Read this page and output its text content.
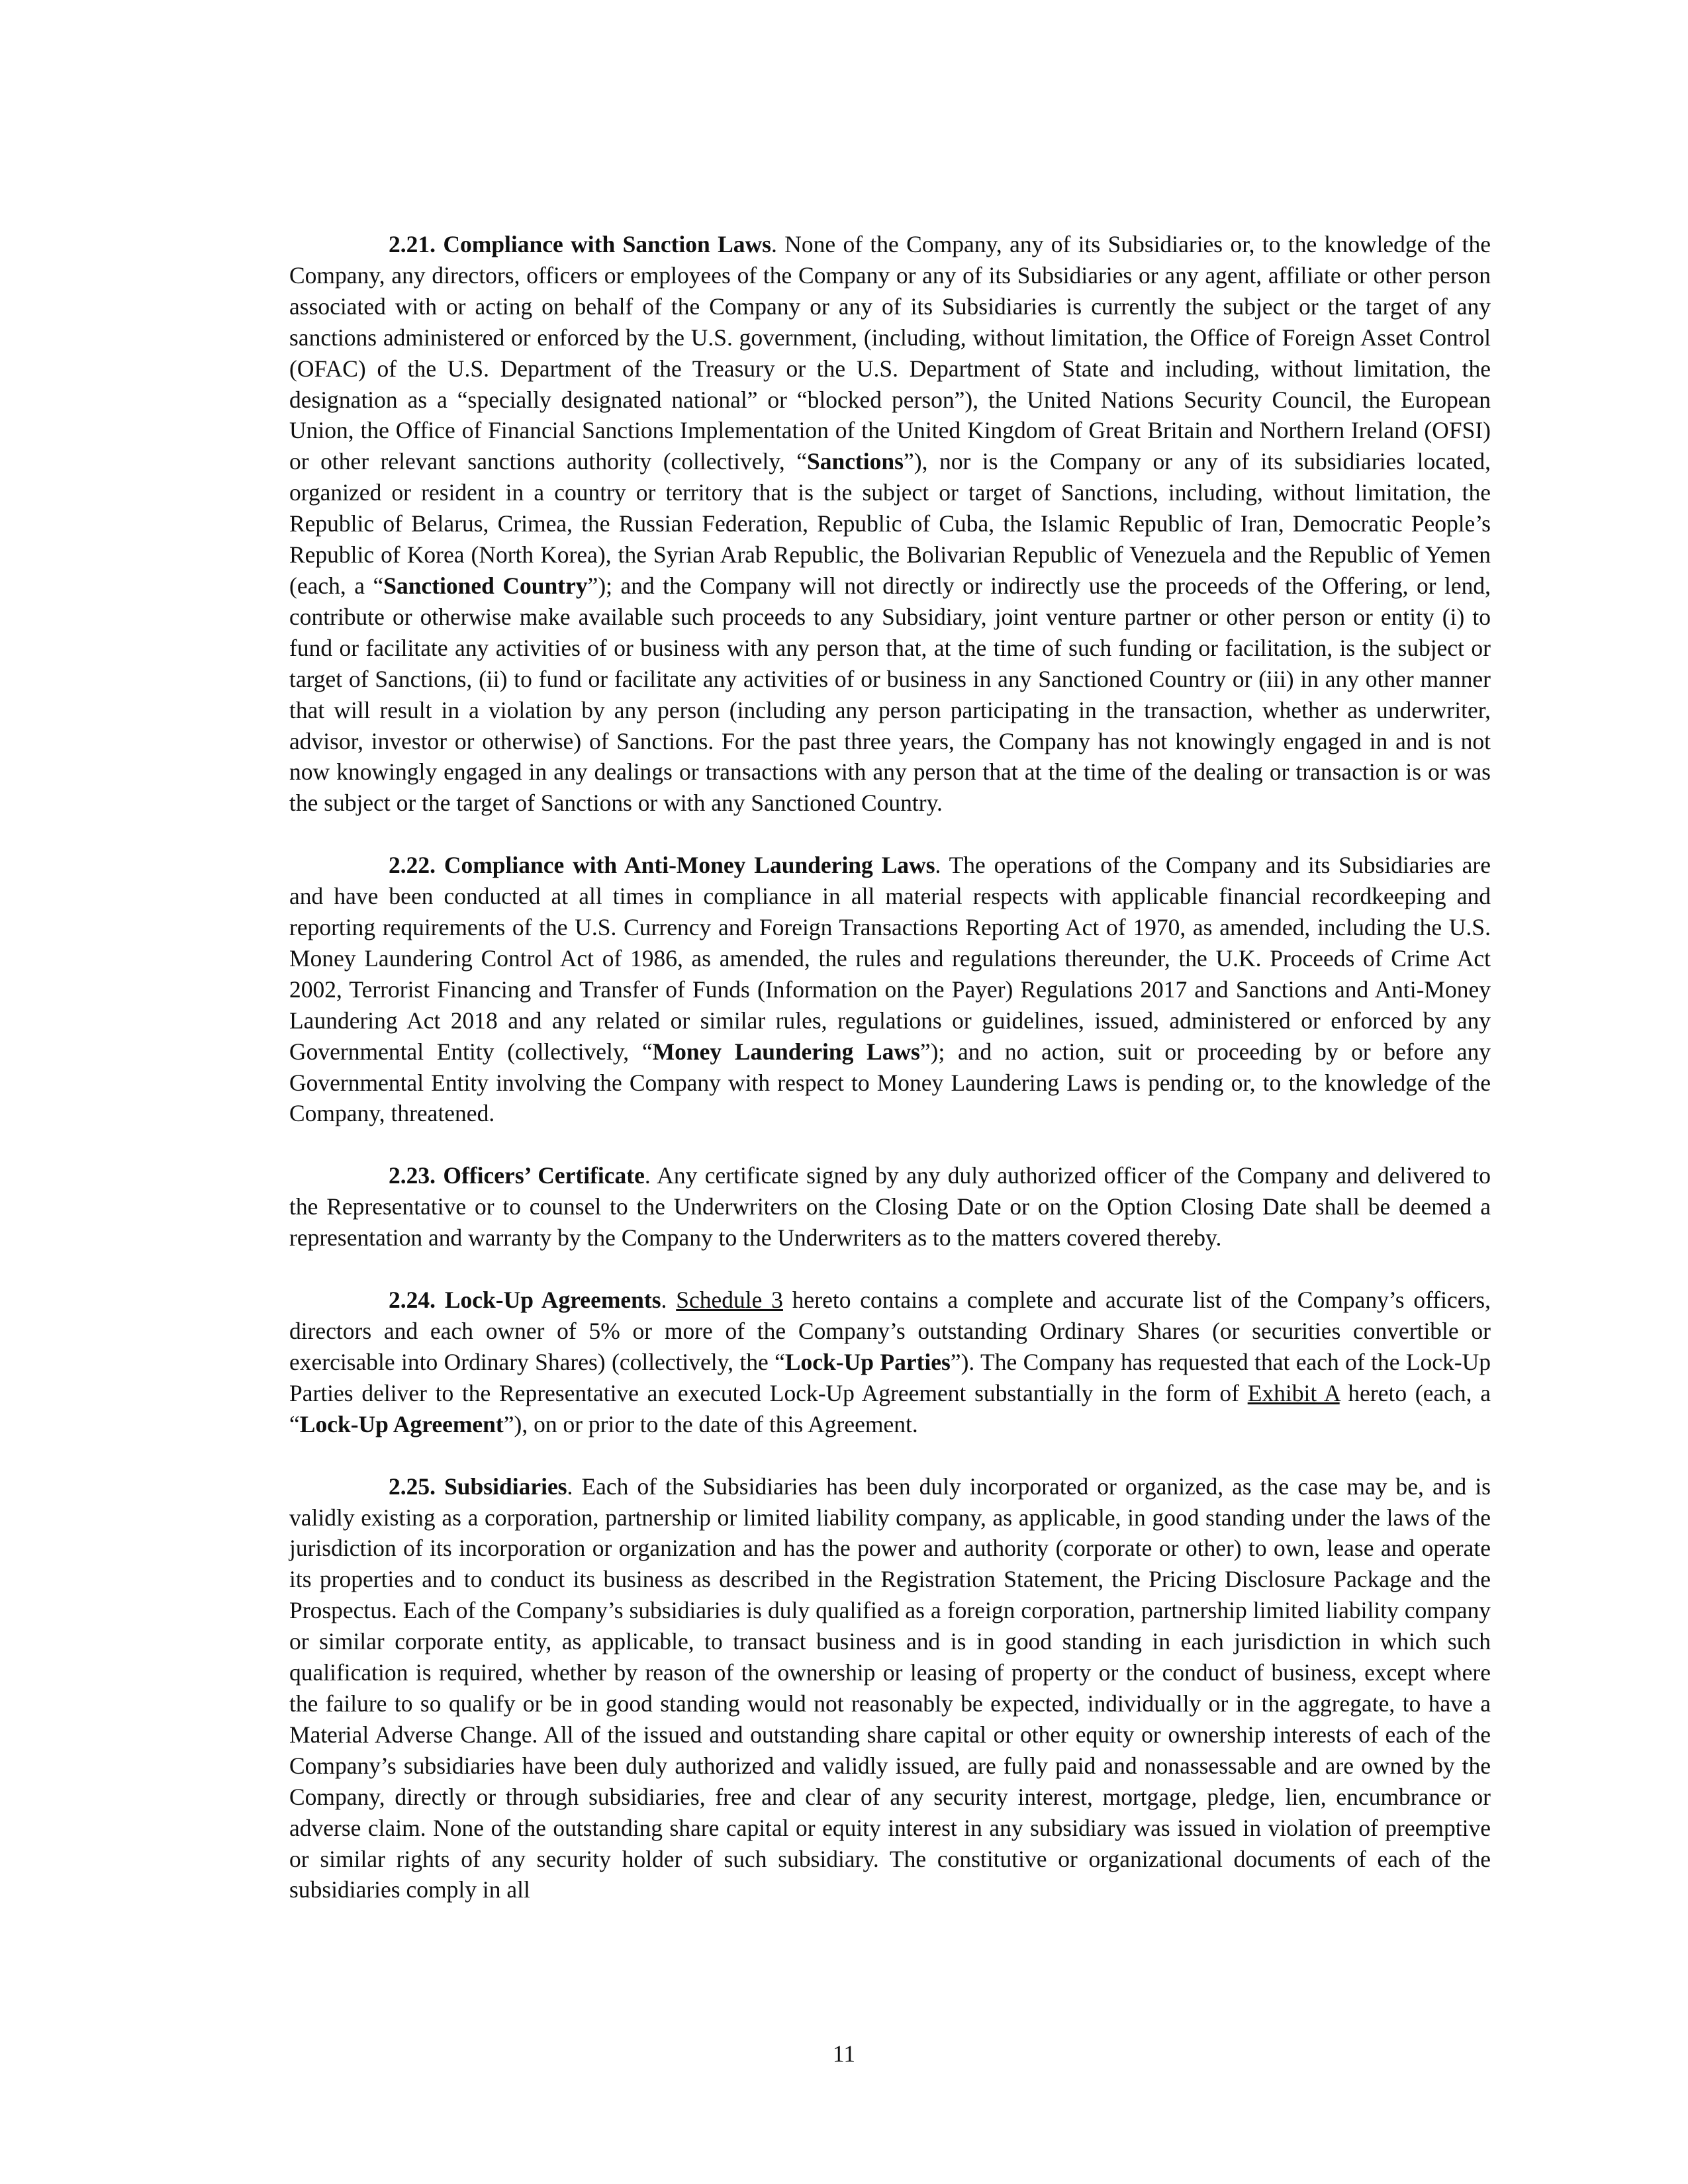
2.21. Compliance with Sanction Laws. None of the Company, any of its Subsidiaries or, to the knowledge of the Company, any directors, officers or employees of the Company or any of its Subsidiaries or any agent, affiliate or other person associated with or acting on behalf of the Company or any of its Subsidiaries is currently the subject or the target of any sanctions administered or enforced by the U.S. government, (including, without limitation, the Office of Foreign Asset Control (OFAC) of the U.S. Department of the Treasury or the U.S. Department of State and including, without limitation, the designation as a “specially designated national” or “blocked person”), the United Nations Security Council, the European Union, the Office of Financial Sanctions Implementation of the United Kingdom of Great Britain and Northern Ireland (OFSI) or other relevant sanctions authority (collectively, “Sanctions”), nor is the Company or any of its subsidiaries located, organized or resident in a country or territory that is the subject or target of Sanctions, including, without limitation, the Republic of Belarus, Crimea, the Russian Federation, Republic of Cuba, the Islamic Republic of Iran, Democratic People’s Republic of Korea (North Korea), the Syrian Arab Republic, the Bolivarian Republic of Venezuela and the Republic of Yemen (each, a “Sanctioned Country”); and the Company will not directly or indirectly use the proceeds of the Offering, or lend, contribute or otherwise make available such proceeds to any Subsidiary, joint venture partner or other person or entity (i) to fund or facilitate any activities of or business with any person that, at the time of such funding or facilitation, is the subject or target of Sanctions, (ii) to fund or facilitate any activities of or business in any Sanctioned Country or (iii) in any other manner that will result in a violation by any person (including any person participating in the transaction, whether as underwriter, advisor, investor or otherwise) of Sanctions. For the past three years, the Company has not knowingly engaged in and is not now knowingly engaged in any dealings or transactions with any person that at the time of the dealing or transaction is or was the subject or the target of Sanctions or with any Sanctioned Country.

2.22. Compliance with Anti-Money Laundering Laws. The operations of the Company and its Subsidiaries are and have been conducted at all times in compliance in all material respects with applicable financial recordkeeping and reporting requirements of the U.S. Currency and Foreign Transactions Reporting Act of 1970, as amended, including the U.S. Money Laundering Control Act of 1986, as amended, the rules and regulations thereunder, the U.K. Proceeds of Crime Act 2002, Terrorist Financing and Transfer of Funds (Information on the Payer) Regulations 2017 and Sanctions and Anti-Money Laundering Act 2018 and any related or similar rules, regulations or guidelines, issued, administered or enforced by any Governmental Entity (collectively, “Money Laundering Laws”); and no action, suit or proceeding by or before any Governmental Entity involving the Company with respect to Money Laundering Laws is pending or, to the knowledge of the Company, threatened.

2.23. Officers’ Certificate. Any certificate signed by any duly authorized officer of the Company and delivered to the Representative or to counsel to the Underwriters on the Closing Date or on the Option Closing Date shall be deemed a representation and warranty by the Company to the Underwriters as to the matters covered thereby.

2.24. Lock-Up Agreements. Schedule 3 hereto contains a complete and accurate list of the Company’s officers, directors and each owner of 5% or more of the Company’s outstanding Ordinary Shares (or securities convertible or exercisable into Ordinary Shares) (collectively, the “Lock-Up Parties”). The Company has requested that each of the Lock-Up Parties deliver to the Representative an executed Lock-Up Agreement substantially in the form of Exhibit A hereto (each, a “Lock-Up Agreement”), on or prior to the date of this Agreement.

2.25. Subsidiaries. Each of the Subsidiaries has been duly incorporated or organized, as the case may be, and is validly existing as a corporation, partnership or limited liability company, as applicable, in good standing under the laws of the jurisdiction of its incorporation or organization and has the power and authority (corporate or other) to own, lease and operate its properties and to conduct its business as described in the Registration Statement, the Pricing Disclosure Package and the Prospectus. Each of the Company’s subsidiaries is duly qualified as a foreign corporation, partnership limited liability company or similar corporate entity, as applicable, to transact business and is in good standing in each jurisdiction in which such qualification is required, whether by reason of the ownership or leasing of property or the conduct of business, except where the failure to so qualify or be in good standing would not reasonably be expected, individually or in the aggregate, to have a Material Adverse Change. All of the issued and outstanding share capital or other equity or ownership interests of each of the Company’s subsidiaries have been duly authorized and validly issued, are fully paid and nonassessable and are owned by the Company, directly or through subsidiaries, free and clear of any security interest, mortgage, pledge, lien, encumbrance or adverse claim. None of the outstanding share capital or equity interest in any subsidiary was issued in violation of preemptive or similar rights of any security holder of such subsidiary. The constitutive or organizational documents of each of the subsidiaries comply in all

11
